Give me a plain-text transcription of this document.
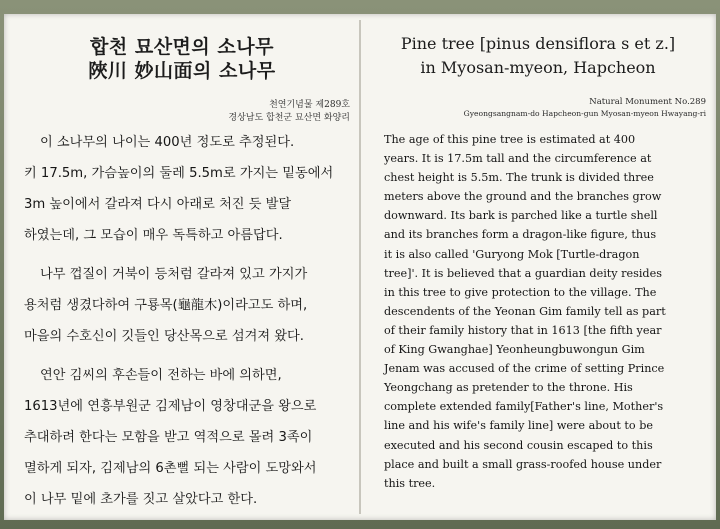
합천 묘산면의 소나무
陜川 妙山面의 소나무
천연기념물 제289호
경상남도 합천군 묘산면 화양리
이 소나무의 나이는 400년 정도로 추정된다.
키 17.5m, 가슴높이의 둘레 5.5m로 가지는 밑동에서
3m 높이에서 갈라져 다시 아래로 처진 듯 발달
하였는데, 그 모습이 매우 독특하고 아름답다.
나무 껍질이 거북이 등처럼 갈라져 있고 가지가
용처럼 생겼다하여 구룡목(龜龍木)이라고도 하며,
마을의 수호신이 깃들인 당산목으로 섬겨져 왔다.
연안 김씨의 후손들이 전하는 바에 의하면,
1613년에 연흥부원군 김제남이 영창대군을 왕으로
추대하려 한다는 모함을 받고 역적으로 몰려 3족이
멸하게 되자, 김제남의 6촌뻘 되는 사람이 도망와서
이 나무 밑에 초가를 짓고 살았다고 한다.
Pine tree [pinus densiflora s et z.]
in Myosan-myeon, Hapcheon
Natural Monument No.289
Gyeongsangnam-do Hapcheon-gun Myosan-myeon Hwayang-ri
The age of this pine tree is estimated at 400
years. It is 17.5m tall and the circumference at
chest height is 5.5m. The trunk is divided three
meters above the ground and the branches grow
downward. Its bark is parched like a turtle shell
and its branches form a dragon-like figure, thus
it is also called 'Guryong Mok [Turtle-dragon
tree]'. It is believed that a guardian deity resides
in this tree to give protection to the village. The
descendents of the Yeonan Gim family tell as part
of their family history that in 1613 [the fifth year
of King Gwanghae] Yeonheungbuwongun Gim
Jenam was accused of the crime of setting Prince
Yeongchang as pretender to the throne. His
complete extended family[Father's line, Mother's
line and his wife's family line] were about to be
executed and his second cousin escaped to this
place and built a small grass-roofed house under
this tree.
